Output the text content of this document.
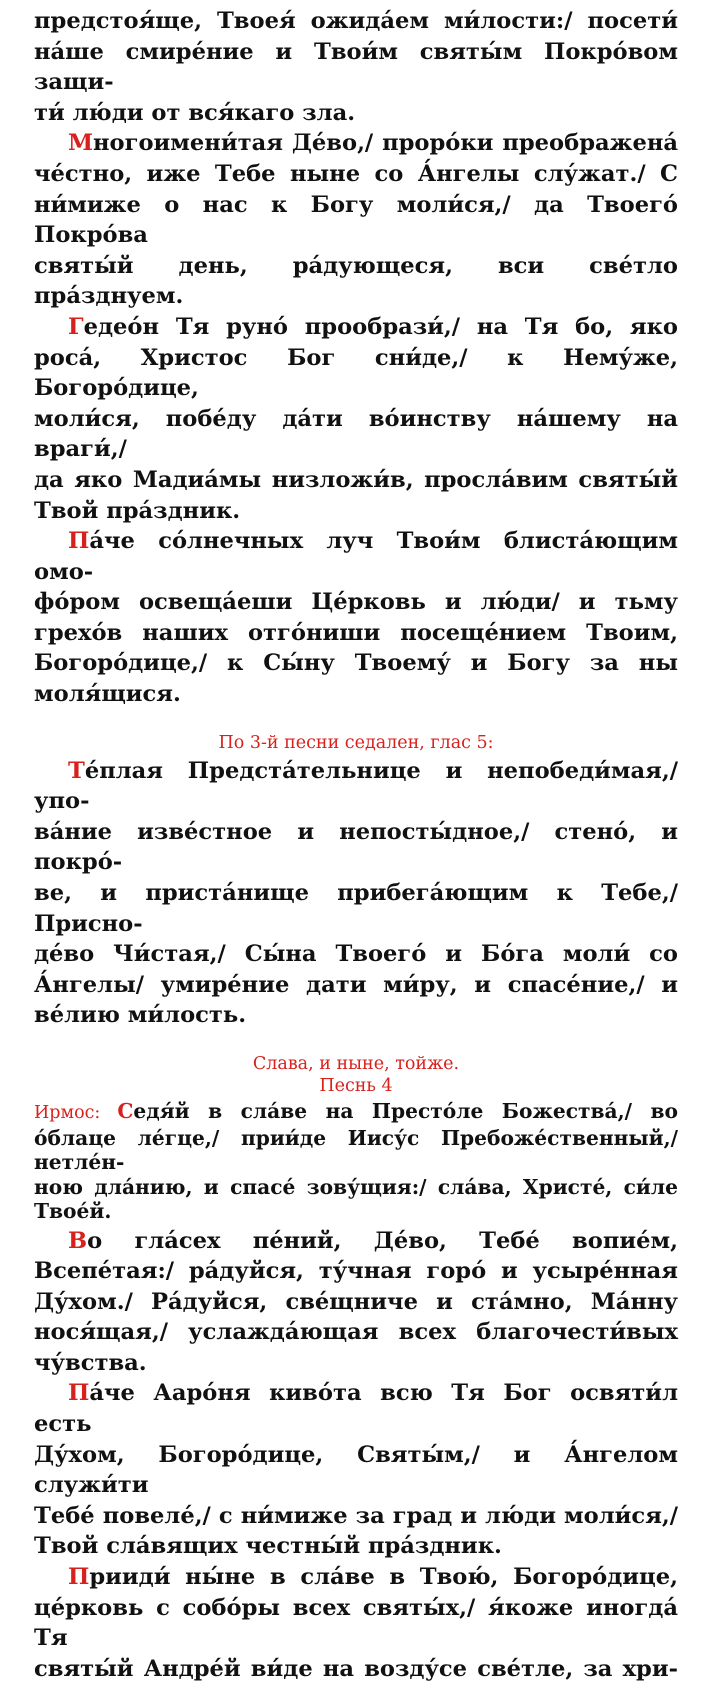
предстоя́ще, Твоея́ ожида́ем ми́лости:/ посети́
на́ше смире́ние и Твои́м святы́м Покро́вом защи-
ти́ лю́ди от вся́каго зла.
Многоимени́тая Де́во,/ проро́ки преображена́
че́стно, иже Тебе ныне со А́нгелы слу́жат./ С
ни́мижe о нас к Богу моли́ся,/ да Твоего́ Покро́ва
святы́й день, ра́дующеся, вси све́тло пра́зднуем.
Гедео́н Тя руно́ прообрази́,/ на Тя бо, яко
роса́, Христос Бог сни́де,/ к Нему́же, Богоро́дице,
моли́ся, побе́ду да́ти во́инству на́шему на враги́,/
да яко Мадиа́мы низложи́в, просла́вим святы́й
Твой пра́здник.
Па́че со́лнечных луч Твои́м блиста́ющим омо-
фо́ром освеща́еши Це́рковь и лю́ди/ и тьму
грехо́в наших отго́ниши посеще́нием Твоим,
Богоро́дице,/ к Сы́ну Твоему́ и Богу за ны
моля́щися.
По 3-й песни седален, глас 5:
Те́плая Предста́тельнице и непобеди́мая,/ упо-
ва́ние изве́стное и непосты́дное,/ стено́, и покро́-
ве, и приста́нище прибега́ющим к Тебе,/ Присно-
де́во Чи́стая,/ Сы́на Твоего́ и Бо́га моли́ со
А́нгелы/ умире́ние дати ми́ру, и спасе́ние,/ и
ве́лию ми́лость.
Слава, и ныне, тойже.
Песнь 4
Ирмос: Седя́й в сла́ве на Престо́ле Божества́,/ во
о́блаце ле́гце,/ прии́де Иису́с Пребоже́ственный,/ нетле́н-
ною дла́нию, и спасе́ зову́щия:/ сла́ва, Христе́, си́ле
Твое́й.
Во гла́сех пе́ний, Де́во, Тебе́ вопие́м,
Всепе́тая:/ ра́дуйся, ту́чная горо́ и усыре́нная
Ду́хом./ Ра́дуйся, све́щниче и ста́мно, Ма́нну
нося́щая,/ услажда́ющая всех благочести́вых
чу́вства.
Па́че Ааро́ня киво́та всю Тя Бог освяти́л есть
Ду́хом, Богоро́дице, Святы́м,/ и А́нгелом служи́ти
Тебе́ повеле́,/ с ни́миже за град и лю́ди моли́ся,/
Твой сла́вящих честны́й пра́здник.
Прииди́ ны́не в сла́ве в Твою́, Богоро́дице,
це́рковь с собо́ры всех святы́х,/ я́коже иногда́ Тя
святы́й Андре́й ви́де на возду́се све́тле, за хри-
